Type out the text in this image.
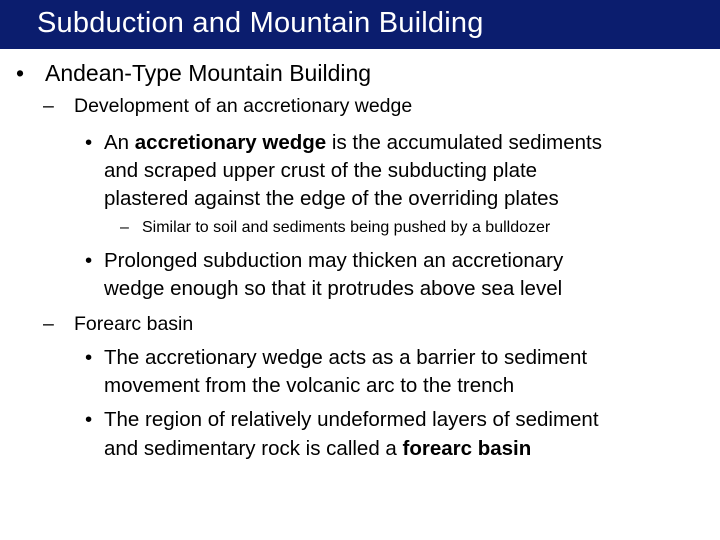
Subduction and Mountain Building
• Andean-Type Mountain Building
– Development of an accretionary wedge
• An accretionary wedge is the accumulated sediments
and scraped upper crust of the subducting plate
plastered against the edge of the overriding plates
– Similar to soil and sediments being pushed by a bulldozer
• Prolonged subduction may thicken an accretionary
wedge enough so that it protrudes above sea level
– Forearc basin
• The accretionary wedge acts as a barrier to sediment
movement from the volcanic arc to the trench
• The region of relatively undeformed layers of sediment
and sedimentary rock is called a forearc basin
